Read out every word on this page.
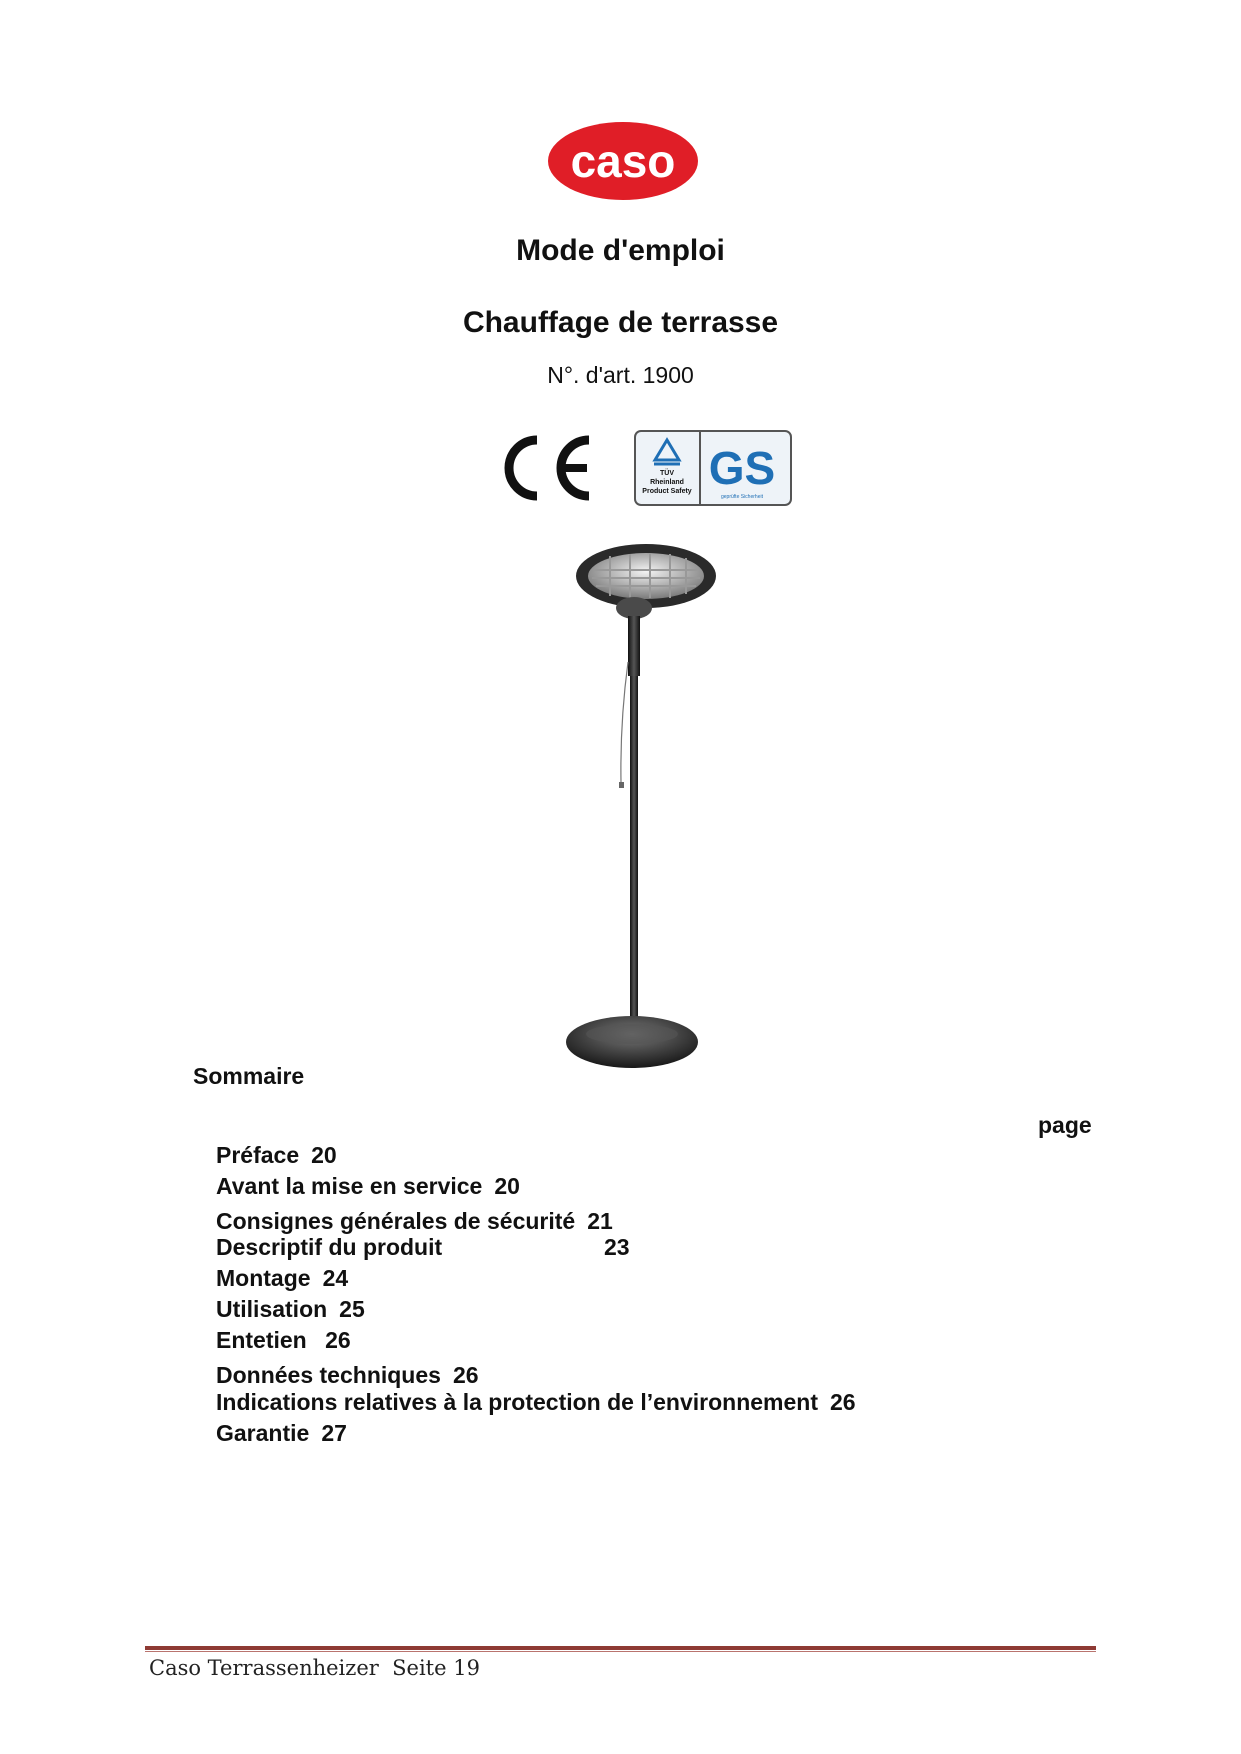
caso
Mode d'emploi
Chauffage de terrasse
N°. d'art. 1900
CE
TÜV
Rheinland
Product Safety GS
geprüfte Sicherheit
Sommaire
page
Préface 20
Avant la mise en service 20
Consignes générales de sécurité 21
Descriptif du produit	23
Montage 24
Utilisation 25
Entetien 26
Données techniques 26
Indications relatives à la protection de l’environnement 26
Garantie 27
Caso Terrassenheizer  Seite 19
